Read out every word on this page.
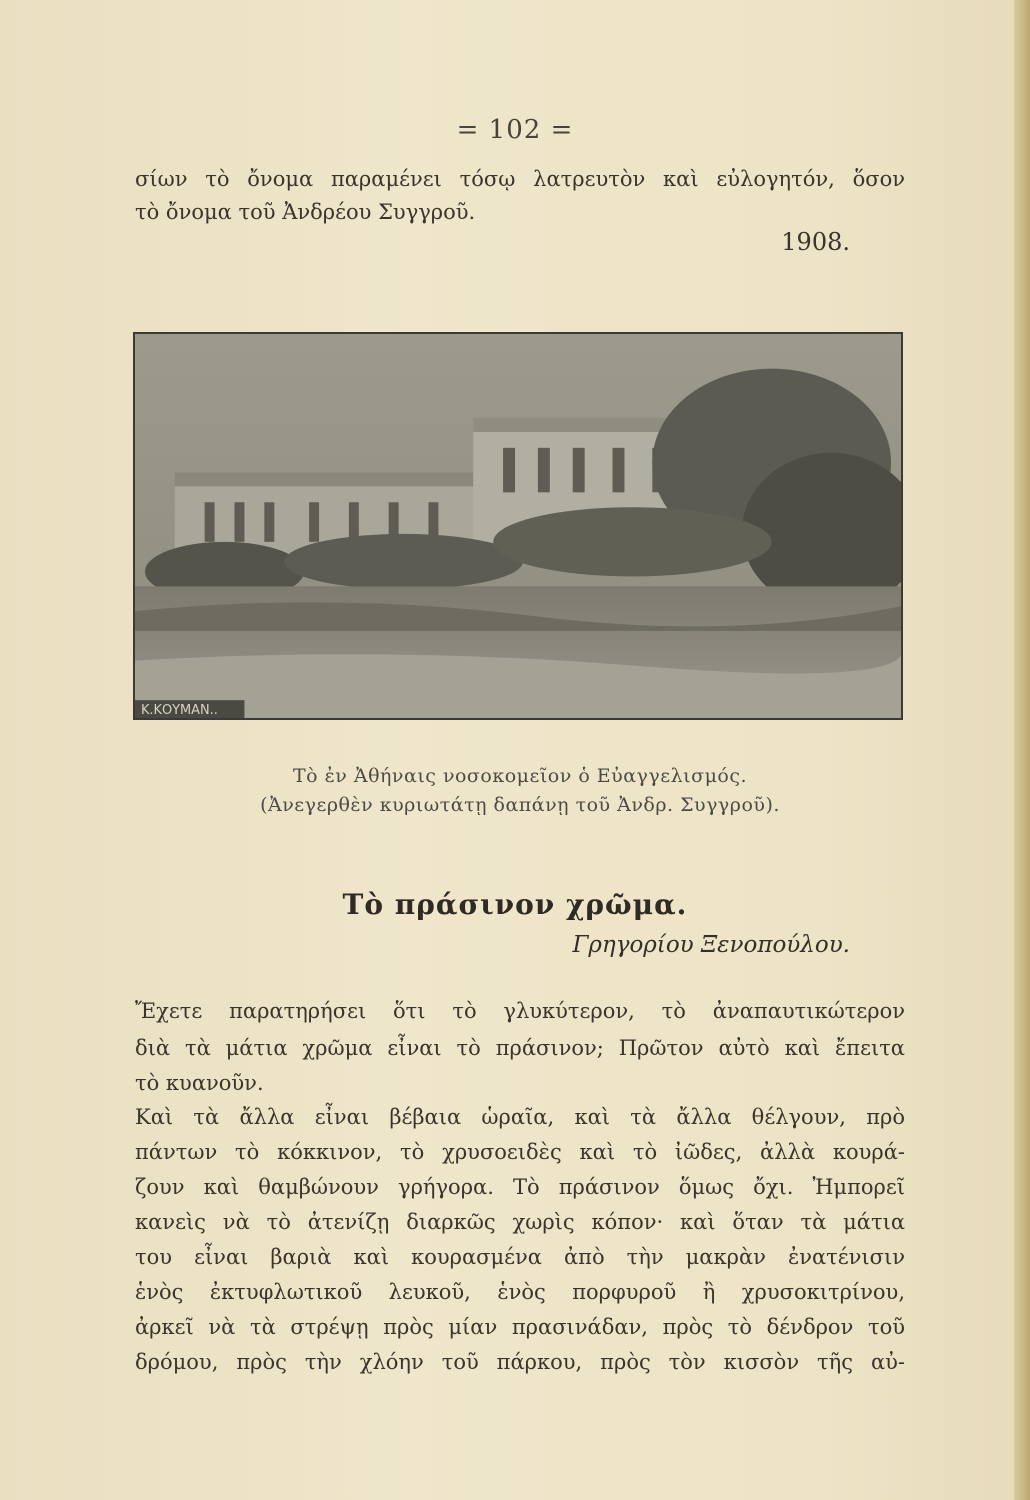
= 102 =
σίων τὸ ὄνομα παραμένει τόσῳ λατρευτὸν καὶ εὐλογητόν, ὅσον
τὸ ὄνομα τοῦ Ἀνδρέου Συγγροῦ.
1908.
K.ΚΟΥΜΑΝ..
Τὸ ἐν Ἀθήναις νοσοκομεῖον ὁ Εὐαγγελισμός.
(Ἀνεγερθὲν κυριωτάτῃ δαπάνῃ τοῦ Ἀνδρ. Συγγροῦ).
Τὸ πράσινον χρῶμα.
Γρηγορίου Ξενοπούλου.
Ἔχετε παρατηρήσει ὅτι τὸ γλυκύτερον, τὸ ἀναπαυτικώτερον
διὰ τὰ μάτια χρῶμα εἶναι τὸ πράσινον; Πρῶτον αὐτὸ καὶ ἔπειτα
τὸ κυανοῦν.
Καὶ τὰ ἄλλα εἶναι βέβαια ὡραῖα, καὶ τὰ ἄλλα θέλγουν, πρὸ
πάντων τὸ κόκκινον, τὸ χρυσοειδὲς καὶ τὸ ἰῶδες, ἀλλὰ κουρά-
ζουν καὶ θαμβώνουν γρήγορα. Τὸ πράσινον ὅμως ὄχι. Ἠμπορεῖ
κανεὶς νὰ τὸ ἀτενίζῃ διαρκῶς χωρὶς κόπον· καὶ ὅταν τὰ μάτια
του εἶναι βαριὰ καὶ κουρασμένα ἀπὸ τὴν μακρὰν ἐνατένισιν
ἑνὸς ἐκτυφλωτικοῦ λευκοῦ, ἑνὸς πορφυροῦ ἢ χρυσοκιτρίνου,
ἀρκεῖ νὰ τὰ στρέψῃ πρὸς μίαν πρασινάδαν, πρὸς τὸ δένδρον τοῦ
δρόμου, πρὸς τὴν χλόην τοῦ πάρκου, πρὸς τὸν κισσὸν τῆς αὐ-
